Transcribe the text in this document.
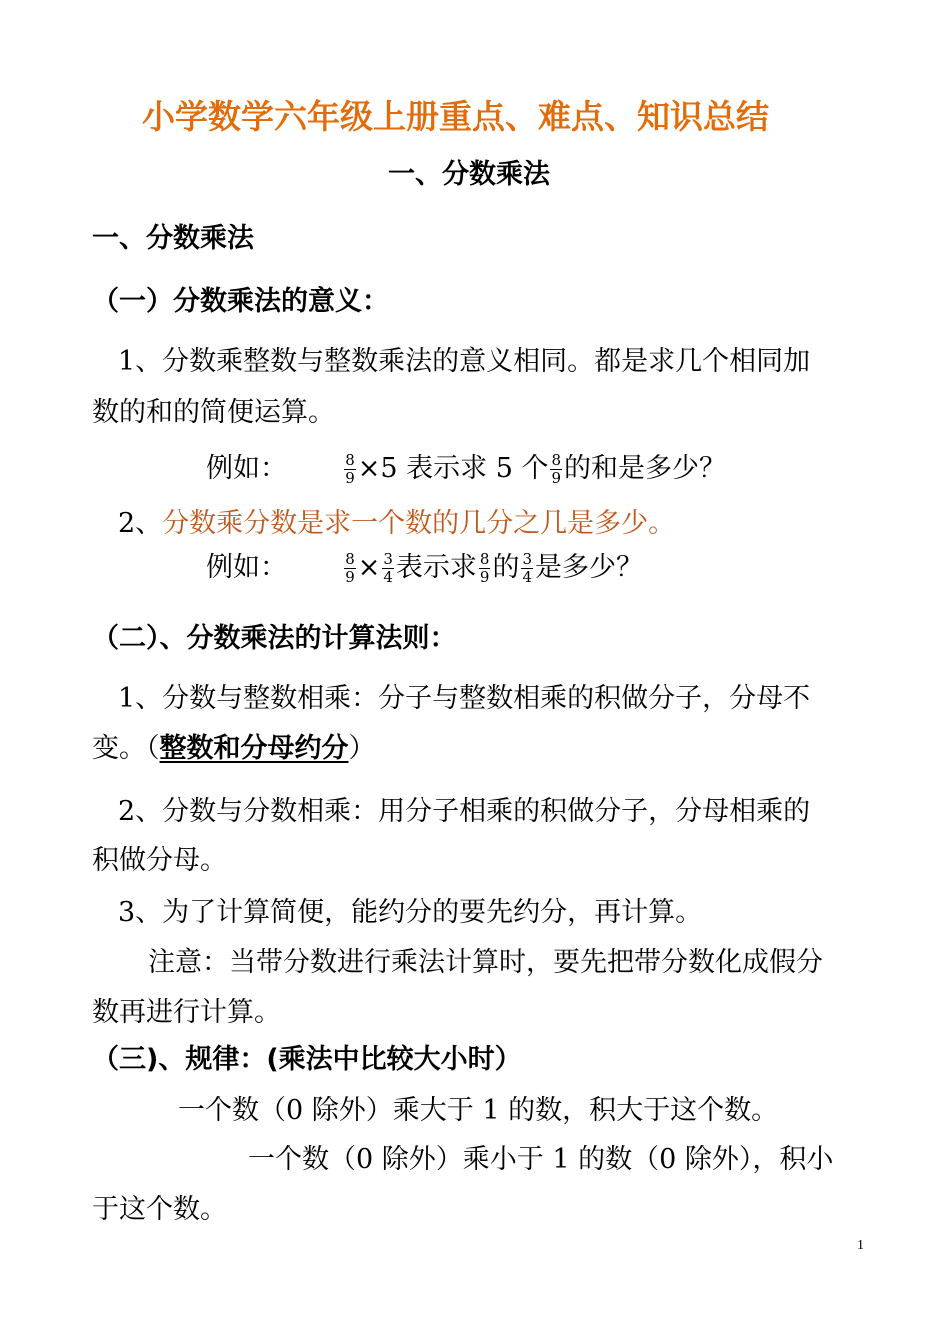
小学数学六年级上册重点、难点、知识总结
一、分数乘法
一、分数乘法
（一）分数乘法的意义：
1、分数乘整数与整数乘法的意义相同。都是求几个相同加
数的和的简便运算。
例如：	$\frac{8}{9} \times 5$ 表示求 5 个 $\frac{8}{9}$ 的和是多少？
2、分数乘分数是求一个数的几分之几是多少。
例如：	$\frac{8}{9} \times \frac{3}{4}$ 表示求 $\frac{8}{9}$ 的 $\frac{3}{4}$ 是多少？
（二）、分数乘法的计算法则：
1、分数与整数相乘：分子与整数相乘的积做分子，分母不
变。（整数和分母约分）
2、分数与分数相乘：用分子相乘的积做分子，分母相乘的
积做分母。
3、为了计算简便，能约分的要先约分，再计算。
注意：当带分数进行乘法计算时，要先把带分数化成假分
数再进行计算。
（三)、规律：(乘法中比较大小时）
一个数（0 除外）乘大于 1 的数，积大于这个数。
一个数（0 除外）乘小于 1 的数（0 除外），积小
于这个数。
1
